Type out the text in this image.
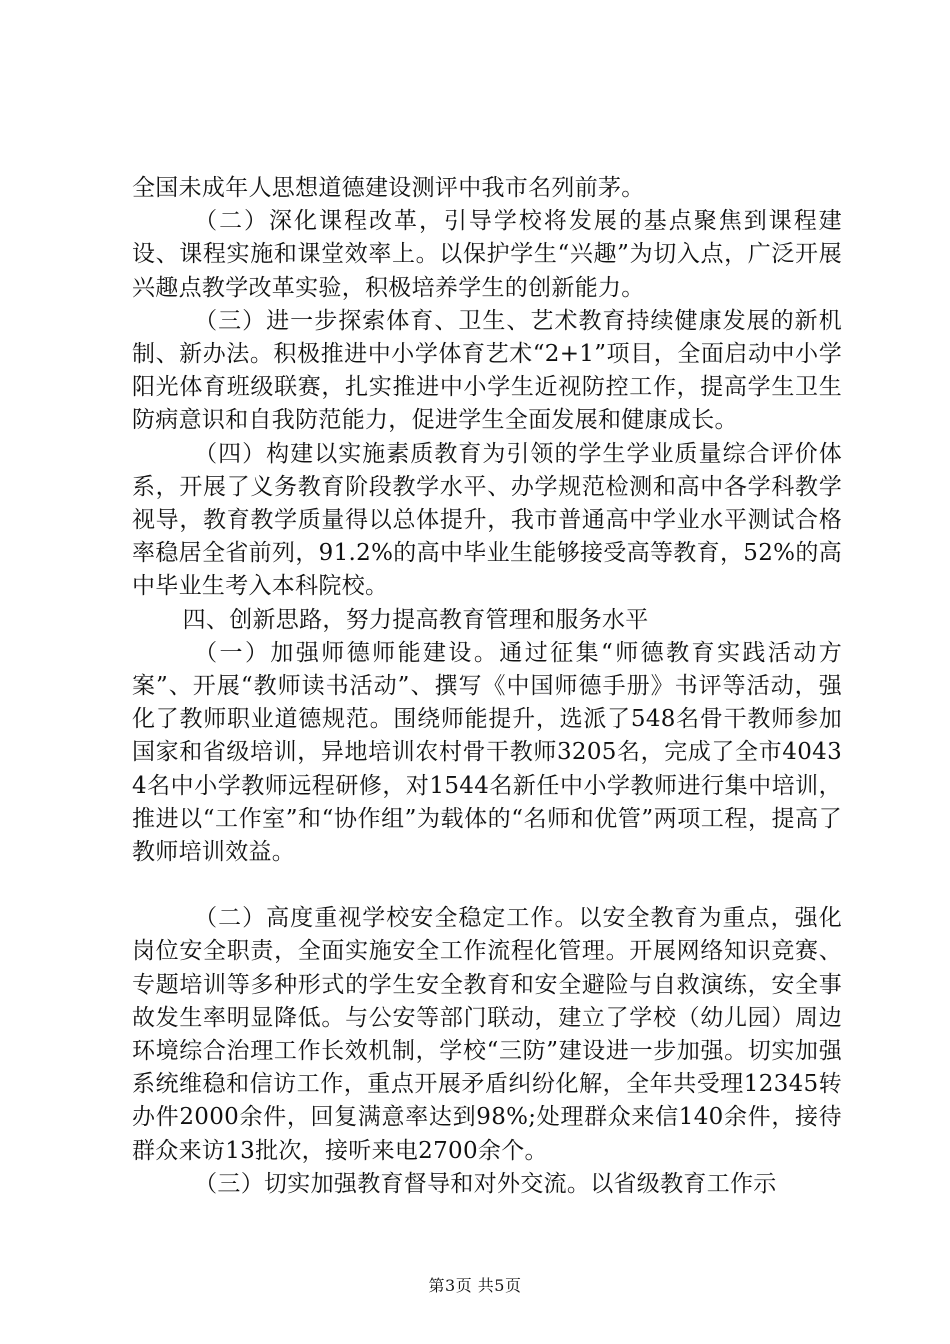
全国未成年人思想道德建设测评中我市名列前茅。

（二）深化课程改革，引导学校将发展的基点聚焦到课程建设、课程实施和课堂效率上。以保护学生“兴趣”为切入点，广泛开展兴趣点教学改革实验，积极培养学生的创新能力。

（三）进一步探索体育、卫生、艺术教育持续健康发展的新机制、新办法。积极推进中小学体育艺术“2+1”项目，全面启动中小学阳光体育班级联赛，扎实推进中小学生近视防控工作，提高学生卫生防病意识和自我防范能力，促进学生全面发展和健康成长。

（四）构建以实施素质教育为引领的学生学业质量综合评价体系，开展了义务教育阶段教学水平、办学规范检测和高中各学科教学视导，教育教学质量得以总体提升，我市普通高中学业水平测试合格率稳居全省前列，91.2%的高中毕业生能够接受高等教育，52%的高中毕业生考入本科院校。

四、创新思路，努力提高教育管理和服务水平

（一）加强师德师能建设。通过征集“师德教育实践活动方案”、开展“教师读书活动”、撰写《中国师德手册》书评等活动，强化了教师职业道德规范。围绕师能提升，选派了548名骨干教师参加国家和省级培训，异地培训农村骨干教师3205名，完成了全市40434名中小学教师远程研修，对1544名新任中小学教师进行集中培训，推进以“工作室”和“协作组”为载体的“名师和优管”两项工程，提高了教师培训效益。

（二）高度重视学校安全稳定工作。以安全教育为重点，强化岗位安全职责，全面实施安全工作流程化管理。开展网络知识竞赛、专题培训等多种形式的学生安全教育和安全避险与自救演练，安全事故发生率明显降低。与公安等部门联动，建立了学校（幼儿园）周边环境综合治理工作长效机制，学校“三防”建设进一步加强。切实加强系统维稳和信访工作，重点开展矛盾纠纷化解，全年共受理12345转办件2000余件，回复满意率达到98%;处理群众来信140余件，接待群众来访13批次，接听来电2700余个。

（三）切实加强教育督导和对外交流。以省级教育工作示

第3页 共5页
